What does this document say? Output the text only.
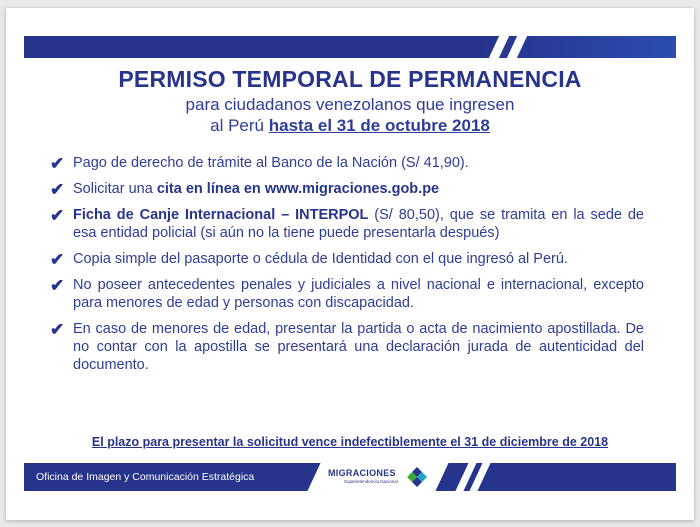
PERMISO TEMPORAL DE PERMANENCIA
para ciudadanos venezolanos que ingresen
al Perú hasta el 31 de octubre 2018
✔ Pago de derecho de trámite al Banco de la Nación (S/ 41,90).
✔ Solicitar una cita en línea en www.migraciones.gob.pe
✔ Ficha de Canje Internacional – INTERPOL (S/ 80,50), que se tramita en la sede de esa entidad policial (si aún no la tiene puede presentarla después)
✔ Copia simple del pasaporte o cédula de Identidad con el que ingresó al Perú.
✔ No poseer antecedentes penales y judiciales a nivel nacional e internacional, excepto para menores de edad y personas con discapacidad.
✔ En caso de menores de edad, presentar la partida o acta de nacimiento apostillada. De no contar con la apostilla se presentará una declaración jurada de autenticidad del documento.
El plazo para presentar la solicitud vence indefectiblemente el 31 de diciembre de 2018
Oficina de Imagen y Comunicación Estratégica	MIGRACIONES
Superintendencia Nacional
